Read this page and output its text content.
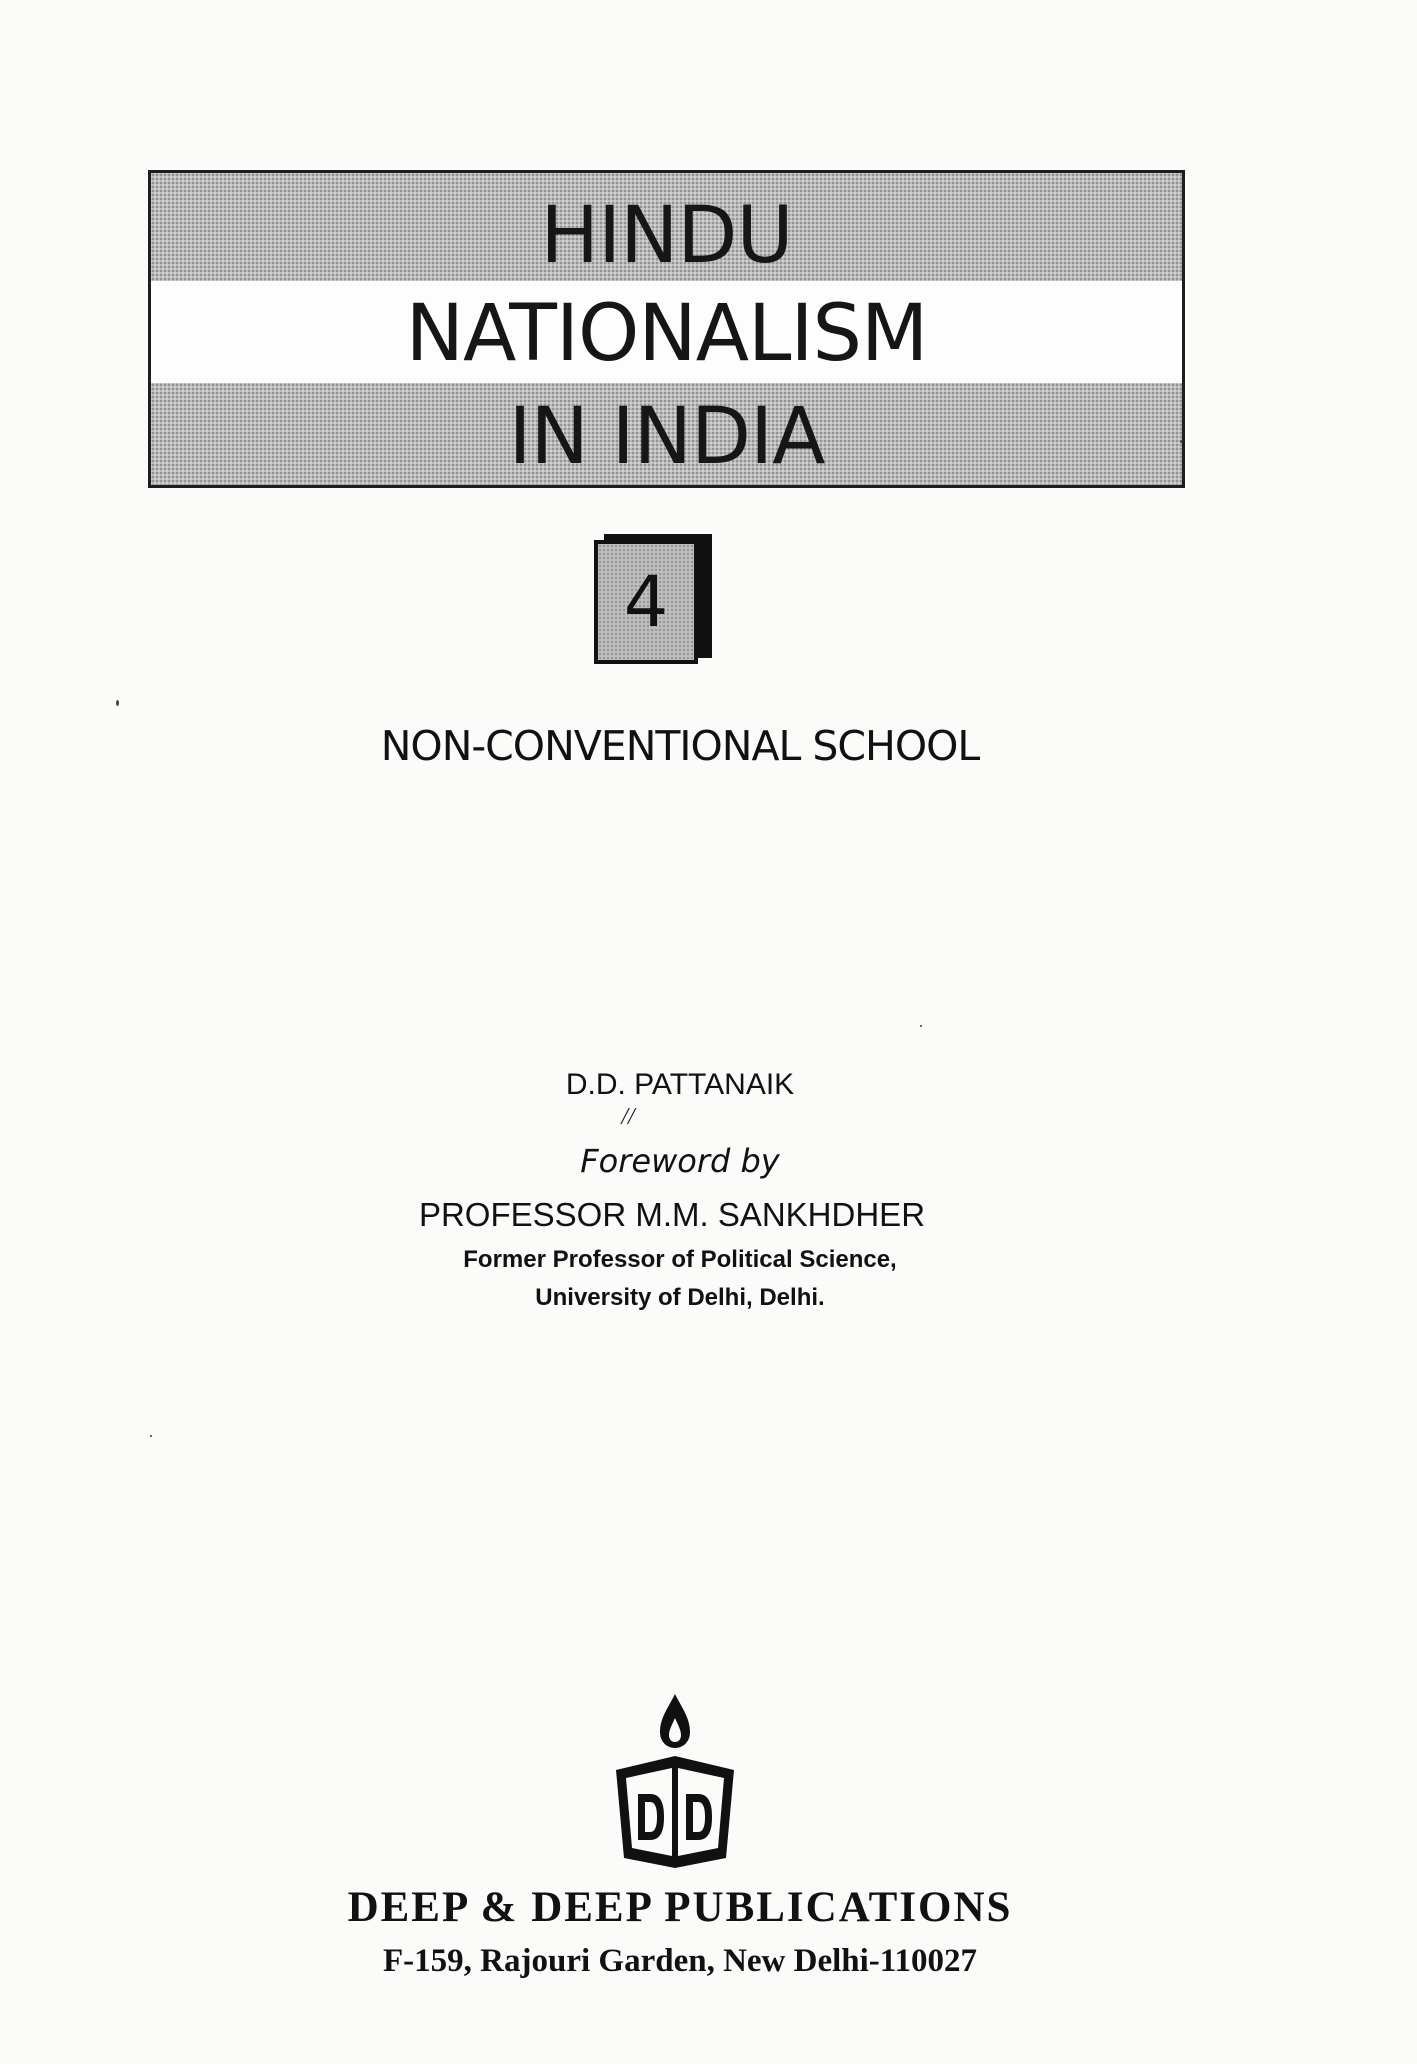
HINDU
NATIONALISM
IN INDIA
4
NON-CONVENTIONAL SCHOOL
D.D. PATTANAIK
//
Foreword by
PROFESSOR M.M. SANKHDHER
Former Professor of Political Science,
University of Delhi, Delhi.
DEEP & DEEP PUBLICATIONS
F-159, Rajouri Garden, New Delhi-110027
